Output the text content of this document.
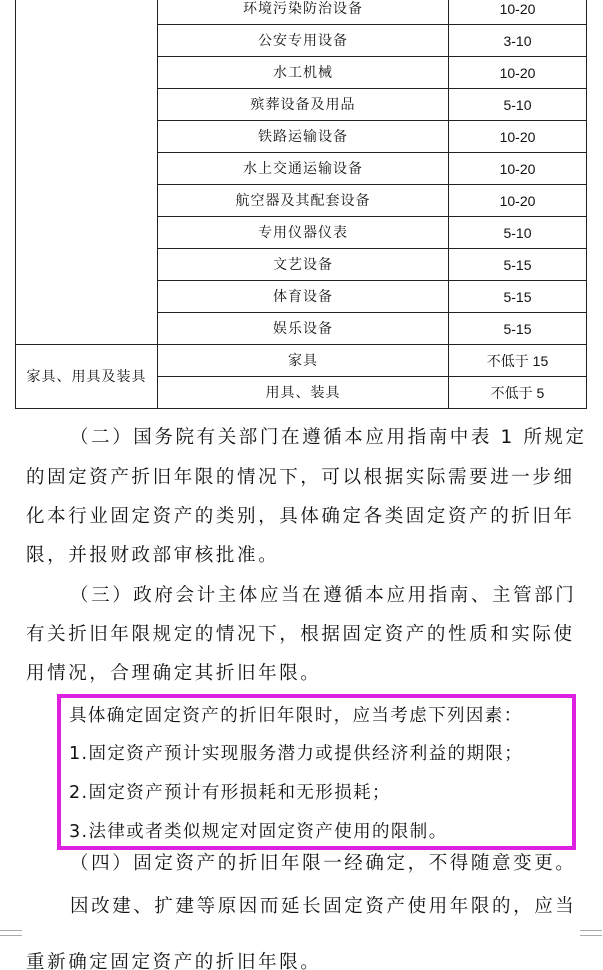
	环境污染防治设备	10-20
	公安专用设备	3-10
	水工机械	10-20
	殡葬设备及用品	5-10
	铁路运输设备	10-20
	水上交通运输设备	10-20
	航空器及其配套设备	10-20
	专用仪器仪表	5-10
	文艺设备	5-15
	体育设备	5-15
	娱乐设备	5-15
家具、用具及装具	家具	不低于 15
	用具、装具	不低于 5
（二）国务院有关部门在遵循本应用指南中表 1 所规定
的固定资产折旧年限的情况下，可以根据实际需要进一步细
化本行业固定资产的类别，具体确定各类固定资产的折旧年
限，并报财政部审核批准。
（三）政府会计主体应当在遵循本应用指南、主管部门
有关折旧年限规定的情况下，根据固定资产的性质和实际使
用情况，合理确定其折旧年限。
具体确定固定资产的折旧年限时，应当考虑下列因素：
1.固定资产预计实现服务潜力或提供经济利益的期限；
2.固定资产预计有形损耗和无形损耗；
3.法律或者类似规定对固定资产使用的限制。
（四）固定资产的折旧年限一经确定，不得随意变更。
因改建、扩建等原因而延长固定资产使用年限的，应当
重新确定固定资产的折旧年限。
